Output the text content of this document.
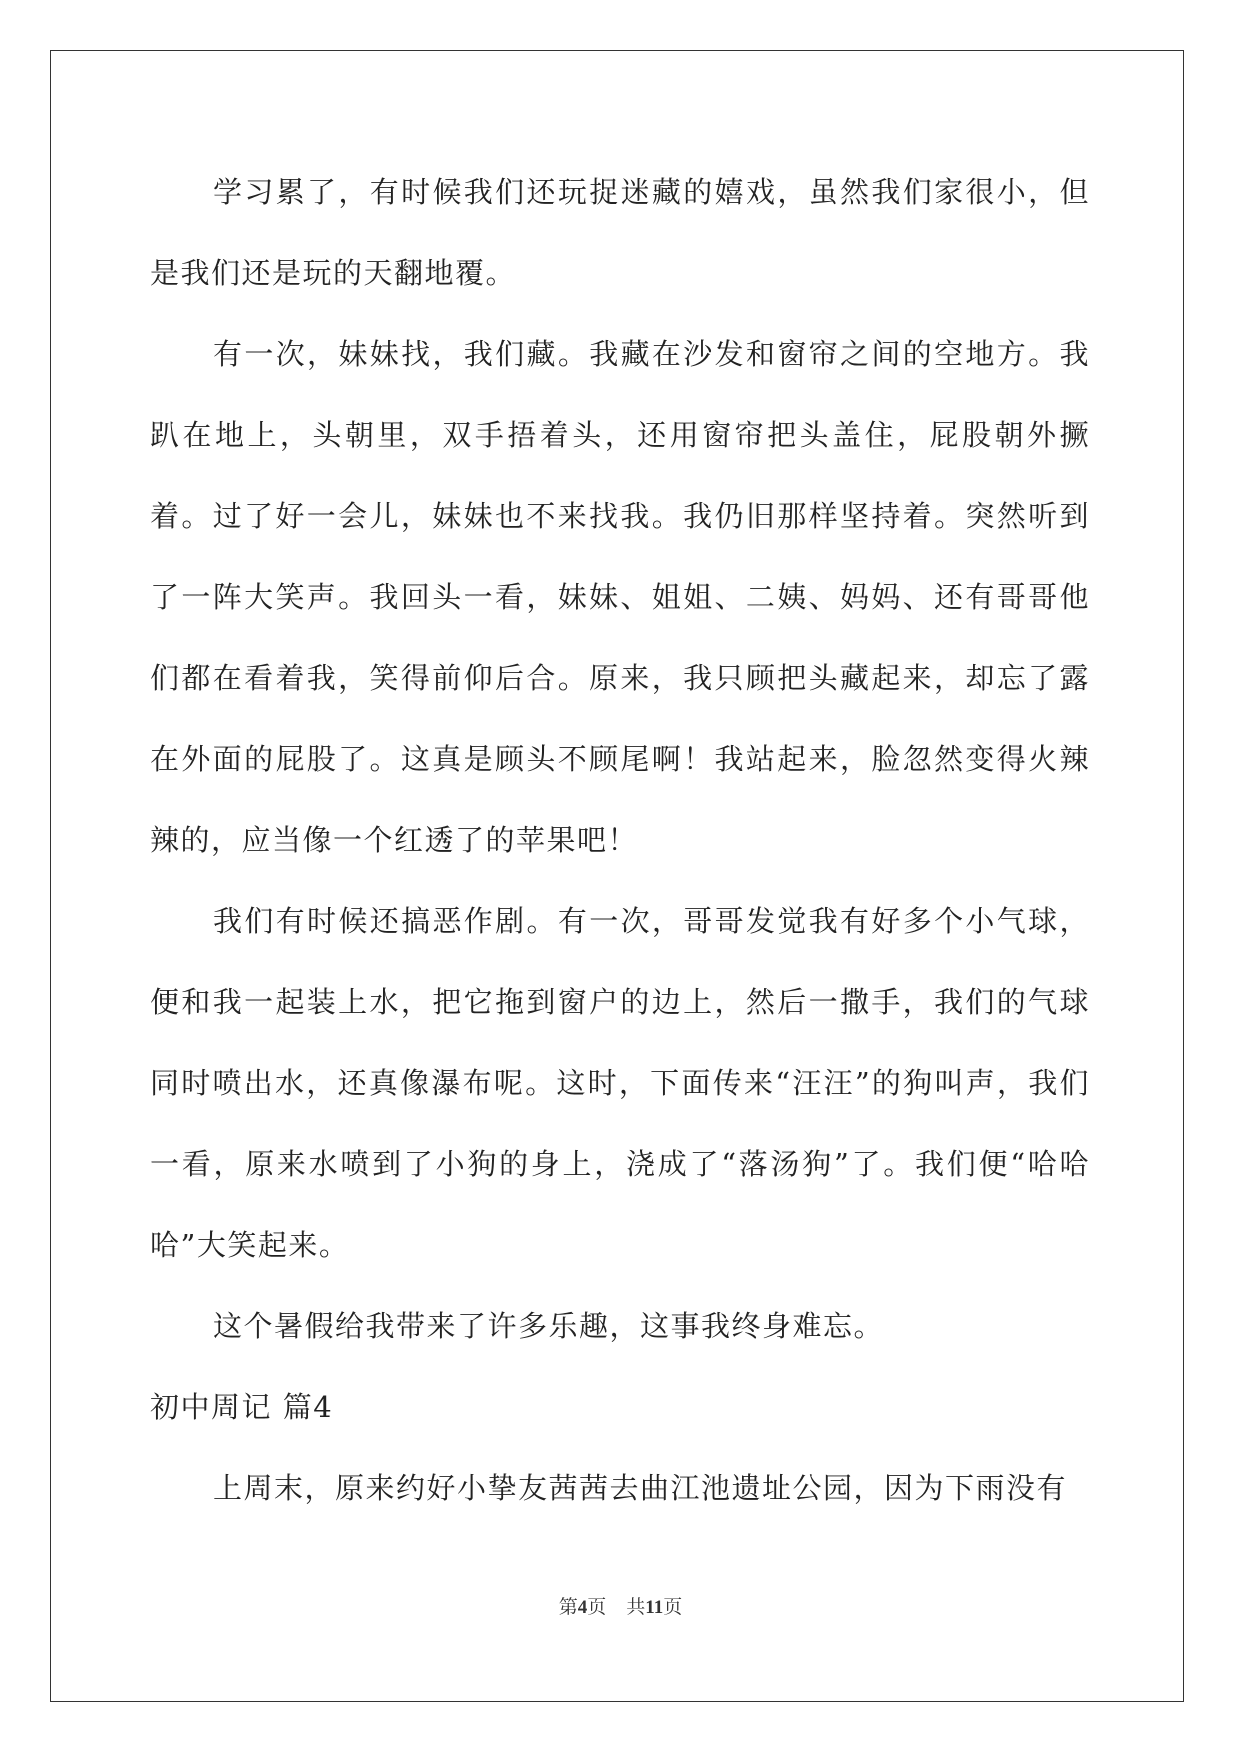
学习累了，有时候我们还玩捉迷藏的嬉戏，虽然我们家很小，但是我们还是玩的天翻地覆。

有一次，妹妹找，我们藏。我藏在沙发和窗帘之间的空地方。我趴在地上，头朝里，双手捂着头，还用窗帘把头盖住，屁股朝外撅着。过了好一会儿，妹妹也不来找我。我仍旧那样坚持着。突然听到了一阵大笑声。我回头一看，妹妹、姐姐、二姨、妈妈、还有哥哥他们都在看着我，笑得前仰后合。原来，我只顾把头藏起来，却忘了露在外面的屁股了。这真是顾头不顾尾啊！我站起来，脸忽然变得火辣辣的，应当像一个红透了的苹果吧！

我们有时候还搞恶作剧。有一次，哥哥发觉我有好多个小气球，便和我一起装上水，把它拖到窗户的边上，然后一撒手，我们的气球同时喷出水，还真像瀑布呢。这时，下面传来“汪汪”的狗叫声，我们一看，原来水喷到了小狗的身上，浇成了“落汤狗”了。我们便“哈哈哈”大笑起来。

这个暑假给我带来了许多乐趣，这事我终身难忘。

初中周记 篇4

上周末，原来约好小挚友茜茜去曲江池遗址公园，因为下雨没有

第4页 共11页
